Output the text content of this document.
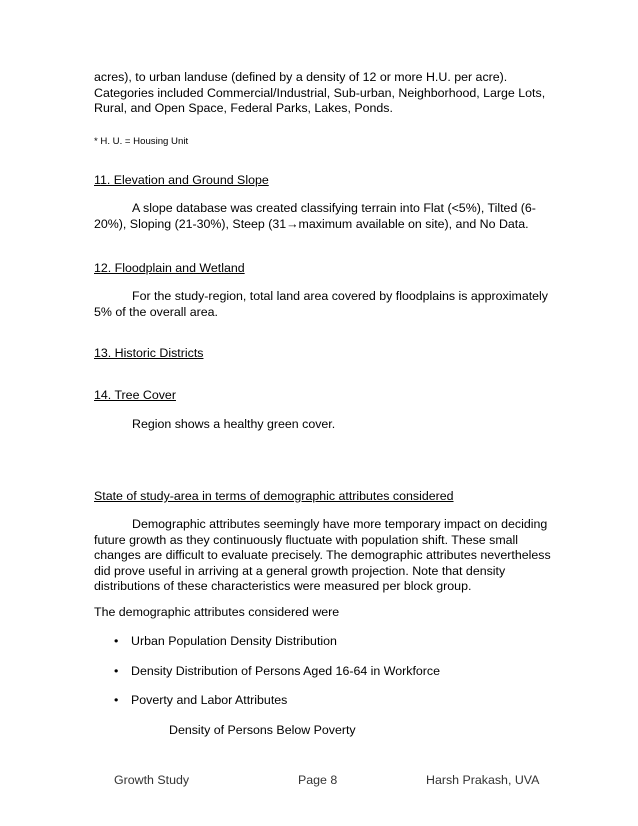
acres), to urban landuse (defined by a density of 12 or more H.U. per acre). Categories included Commercial/Industrial, Sub-urban, Neighborhood, Large Lots, Rural, and Open Space, Federal Parks, Lakes, Ponds.

* H. U. = Housing Unit

11. Elevation and Ground Slope

A slope database was created classifying terrain into Flat (<5%), Tilted (6-20%), Sloping (21-30%), Steep (31→maximum available on site), and No Data.

12. Floodplain and Wetland

For the study-region, total land area covered by floodplains is approximately 5% of the overall area.

13. Historic Districts

14. Tree Cover

Region shows a healthy green cover.

State of study-area in terms of demographic attributes considered

Demographic attributes seemingly have more temporary impact on deciding future growth as they continuously fluctuate with population shift. These small changes are difficult to evaluate precisely. The demographic attributes nevertheless did prove useful in arriving at a general growth projection. Note that density distributions of these characteristics were measured per block group.

The demographic attributes considered were

• Urban Population Density Distribution
• Density Distribution of Persons Aged 16-64 in Workforce
• Poverty and Labor Attributes

Density of Persons Below Poverty

Growth Study	Page 8	Harsh Prakash, UVA
